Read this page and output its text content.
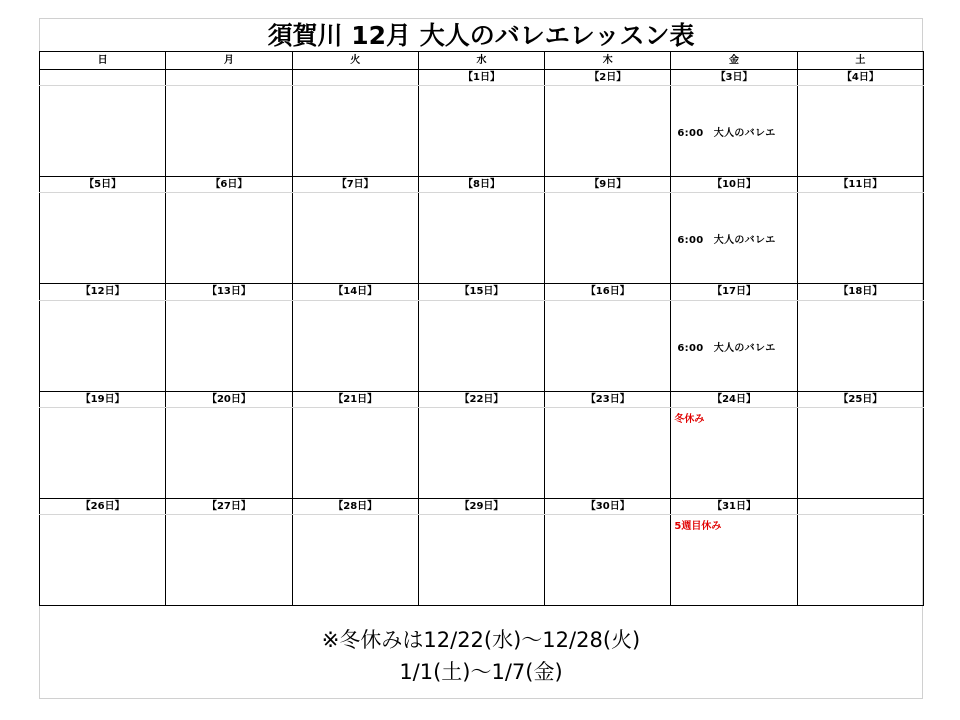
須賀川 12月 大人のバレエレッスン表
日	月	火	水	木	金	土
			【1日】	【2日】	【3日】	【4日】

					6:00　大人のバレエ	

【5日】	【6日】	【7日】	【8日】	【9日】	【10日】	【11日】

					6:00　大人のバレエ	

【12日】	【13日】	【14日】	【15日】	【16日】	【17日】	【18日】

					6:00　大人のバレエ	

【19日】	【20日】	【21日】	【22日】	【23日】	【24日】	【25日】

					冬休み	

【26日】	【27日】	【28日】	【29日】	【30日】	【31日】	

					5週目休み	

※冬休みは12/22(水)～12/28(火)
1/1(土)～1/7(金)
